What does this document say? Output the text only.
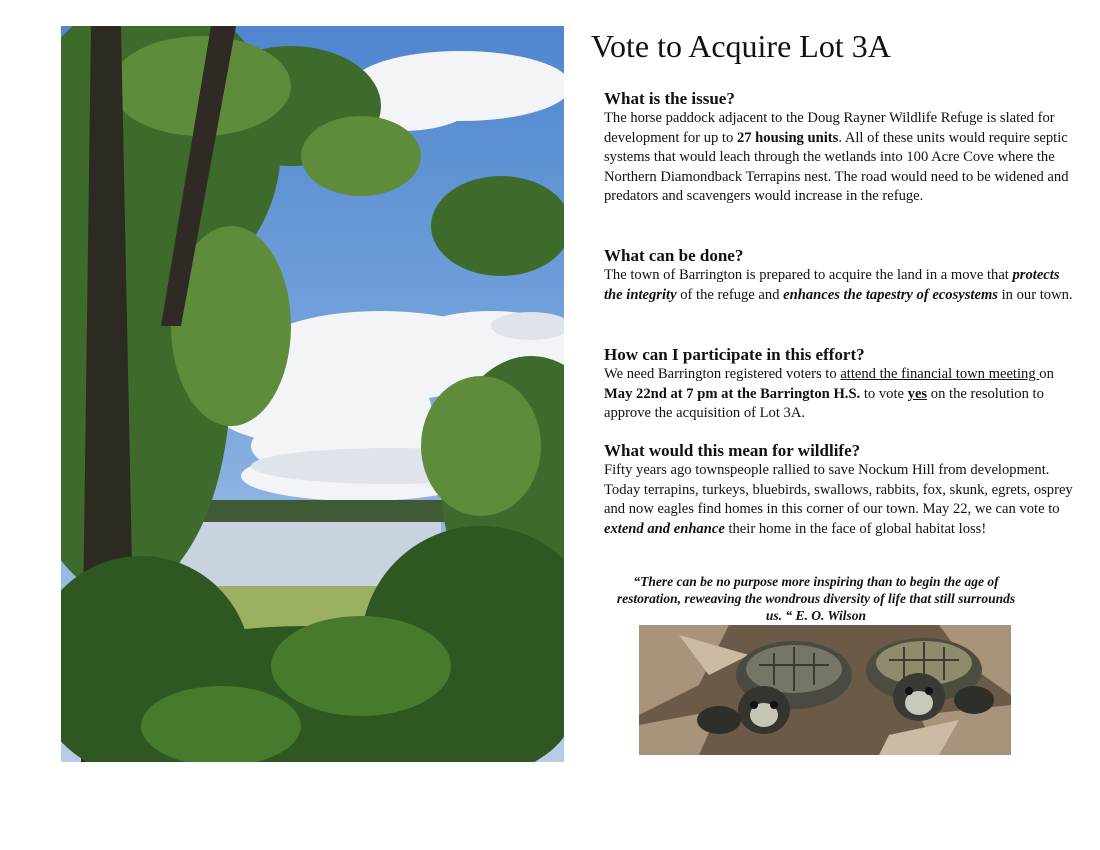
Vote to Acquire Lot 3A
What is the issue?

The horse paddock adjacent to the Doug Rayner Wildlife Refuge is slated for development for up to 27 housing units. All of these units would require septic systems that would leach through the wetlands into 100 Acre Cove where the Northern Diamondback Terrapins nest. The road would need to be widened and predators and scavengers would increase in the refuge.

What can be done?

The town of Barrington is prepared to acquire the land in a move that protects the integrity of the refuge and enhances the tapestry of ecosystems in our town.

How can I participate in this effort?

We need Barrington registered voters to attend the financial town meeting on May 22nd at 7 pm at the Barrington H.S. to vote yes on the resolution to approve the acquisition of Lot 3A.

What would this mean for wildlife?

Fifty years ago townspeople rallied to save Nockum Hill from development. Today terrapins, turkeys, bluebirds, swallows, rabbits, fox, skunk, egrets, osprey and now eagles find homes in this corner of our town. May 22, we can vote to extend and enhance their home in the face of global habitat loss!

“There can be no purpose more inspiring than to begin the age of restoration, reweaving the wondrous diversity of life that still surrounds us. “ E. O. Wilson
